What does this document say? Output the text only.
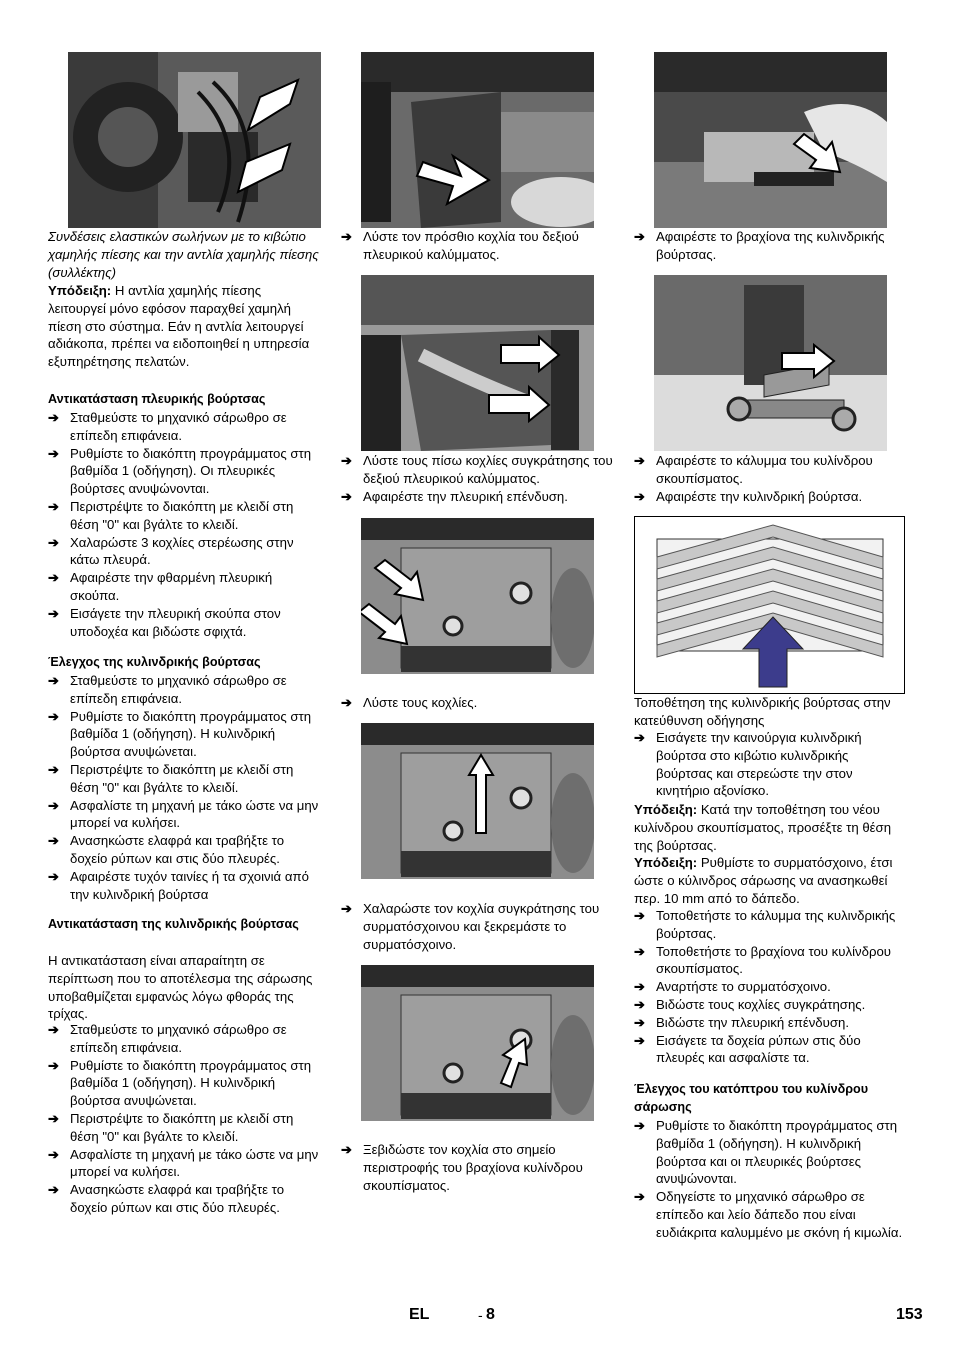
Συνδέσεις ελαστικών σωλήνων με το κιβώτιο χαμηλής πίεσης και την αντλία χαμηλής πίεσης (συλλέκτης)
Υπόδειξη: Η αντλία χαμηλής πίεσης λειτουργεί μόνο εφόσον παραχθεί χαμηλή πίεση στο σύστημα. Εάν η αντλία λειτουργεί αδιάκοπα, πρέπει να ειδοποιηθεί η υπηρεσία εξυπηρέτησης πελατών.
Αντικατάσταση πλευρικής βούρτσας
➔ Σταθμεύστε το μηχανικό σάρωθρο σε επίπεδη επιφάνεια.
➔ Ρυθμίστε το διακόπτη προγράμματος στη βαθμίδα 1 (οδήγηση). Οι πλευρικές βούρτσες ανυψώνονται.
➔ Περιστρέψτε το διακόπτη με κλειδί στη θέση "0" και βγάλτε το κλειδί.
➔ Χαλαρώστε 3 κοχλίες στερέωσης στην κάτω πλευρά.
➔ Αφαιρέστε την φθαρμένη πλευρική σκούπα.
➔ Εισάγετε την πλευρική σκούπα στον υποδοχέα και βιδώστε σφιχτά.
Έλεγχος της κυλινδρικής βούρτσας
➔ Σταθμεύστε το μηχανικό σάρωθρο σε επίπεδη επιφάνεια.
➔ Ρυθμίστε το διακόπτη προγράμματος στη βαθμίδα 1 (οδήγηση). Η κυλινδρική βούρτσα ανυψώνεται.
➔ Περιστρέψτε το διακόπτη με κλειδί στη θέση "0" και βγάλτε το κλειδί.
➔ Ασφαλίστε τη μηχανή με τάκο ώστε να μην μπορεί να κυλήσει.
➔ Ανασηκώστε ελαφρά και τραβήξτε το δοχείο ρύπων και στις δύο πλευρές.
➔ Αφαιρέστε τυχόν ταινίες ή τα σχοινιά από την κυλινδρική βούρτσα
Αντικατάσταση της κυλινδρικής βούρτσας
Η αντικατάσταση είναι απαραίτητη σε περίπτωση που το αποτέλεσμα της σάρωσης υποβαθμίζεται εμφανώς λόγω φθοράς της τρίχας.
➔ Σταθμεύστε το μηχανικό σάρωθρο σε επίπεδη επιφάνεια.
➔ Ρυθμίστε το διακόπτη προγράμματος στη βαθμίδα 1 (οδήγηση). Η κυλινδρική βούρτσα ανυψώνεται.
➔ Περιστρέψτε το διακόπτη με κλειδί στη θέση "0" και βγάλτε το κλειδί.
➔ Ασφαλίστε τη μηχανή με τάκο ώστε να μην μπορεί να κυλήσει.
➔ Ανασηκώστε ελαφρά και τραβήξτε το δοχείο ρύπων και στις δύο πλευρές.
➔ Λύστε τον πρόσθιο κοχλία του δεξιού πλευρικού καλύμματος.
➔ Λύστε τους πίσω κοχλίες συγκράτησης του δεξιού πλευρικού καλύμματος.
➔ Αφαιρέστε την πλευρική επένδυση.
➔ Λύστε τους κοχλίες.
➔ Χαλαρώστε τον κοχλία συγκράτησης του συρματόσχοινου και ξεκρεμάστε το συρματόσχοινο.
➔ Ξεβιδώστε τον κοχλία στο σημείο περιστροφής του βραχίονα κυλίνδρου σκουπίσματος.
➔ Αφαιρέστε το βραχίονα της κυλινδρικής βούρτσας.
➔ Αφαιρέστε το κάλυμμα του κυλίνδρου σκουπίσματος.
➔ Αφαιρέστε την κυλινδρική βούρτσα.
Τοποθέτηση της κυλινδρικής βούρτσας στην κατεύθυνση οδήγησης
➔ Εισάγετε την καινούργια κυλινδρική βούρτσα στο κιβώτιο κυλινδρικής βούρτσας και στερεώστε την στον κινητήριο αξονίσκο.
Υπόδειξη: Κατά την τοποθέτηση του νέου κυλίνδρου σκουπίσματος, προσέξτε τη θέση της βούρτσας.
Υπόδειξη: Ρυθμίστε το συρματόσχοινο, έτσι ώστε ο κύλινδρος σάρωσης να ανασηκωθεί περ. 10 mm από το δάπεδο.
➔ Τοποθετήστε το κάλυμμα της κυλινδρικής βούρτσας.
➔ Τοποθετήστε το βραχίονα του κυλίνδρου σκουπίσματος.
➔ Αναρτήστε το συρματόσχοινο.
➔ Βιδώστε τους κοχλίες συγκράτησης.
➔ Βιδώστε την πλευρική επένδυση.
➔ Εισάγετε τα δοχεία ρύπων στις δύο πλευρές και ασφαλίστε τα.
Έλεγχος του κατόπτρου του κυλίνδρου σάρωσης
➔ Ρυθμίστε το διακόπτη προγράμματος στη βαθμίδα 1 (οδήγηση). Η κυλινδρική βούρτσα και οι πλευρικές βούρτσες ανυψώνονται.
➔ Οδηγείστε το μηχανικό σάρωθρο σε επίπεδο και λείο δάπεδο που είναι ευδιάκριτα καλυμμένο με σκόνη ή κιμωλία.
EL	- 8	153
